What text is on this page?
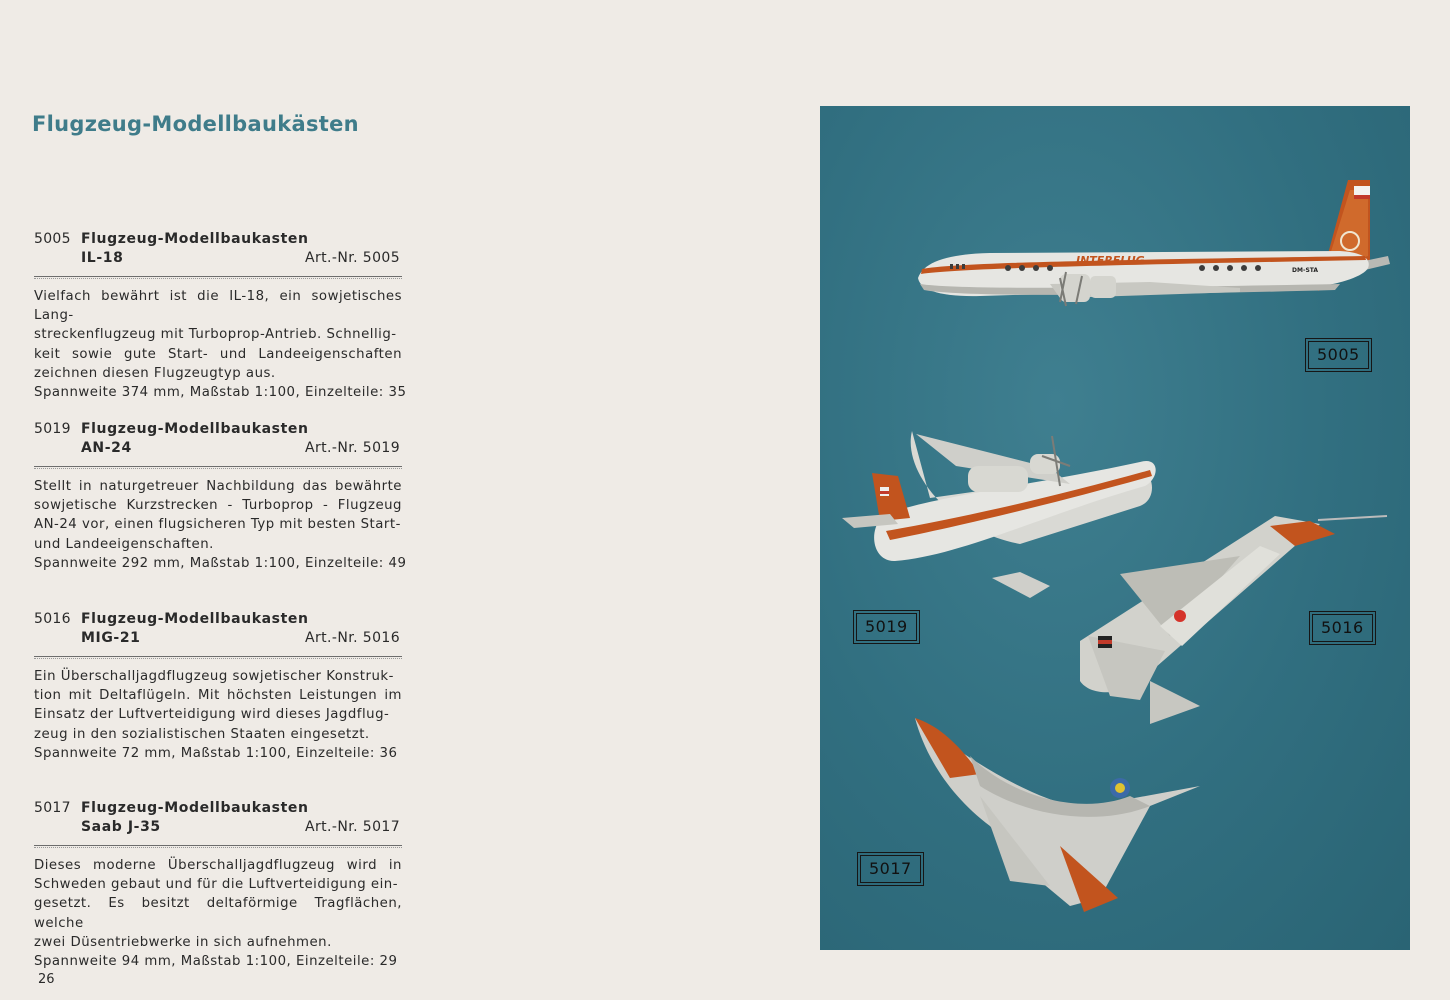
Flugzeug-Modellbaukästen
5005 Flugzeug-Modellbaukasten
IL-18	Art.-Nr. 5005
Vielfach bewährt ist die IL-18, ein sowjetisches Lang-
streckenflugzeug mit Turboprop-Antrieb. Schnellig-
keit sowie gute Start- und Landeeigenschaften
zeichnen diesen Flugzeugtyp aus.
Spannweite 374 mm, Maßstab 1:100, Einzelteile: 35
5019 Flugzeug-Modellbaukasten
AN-24	Art.-Nr. 5019
Stellt in naturgetreuer Nachbildung das bewährte
sowjetische Kurzstrecken - Turboprop - Flugzeug
AN-24 vor, einen flugsicheren Typ mit besten Start-
und Landeeigenschaften.
Spannweite 292 mm, Maßstab 1:100, Einzelteile: 49
5016 Flugzeug-Modellbaukasten
MIG-21	Art.-Nr. 5016
Ein Überschalljagdflugzeug sowjetischer Konstruk-
tion mit Deltaflügeln. Mit höchsten Leistungen im
Einsatz der Luftverteidigung wird dieses Jagdflug-
zeug in den sozialistischen Staaten eingesetzt.
Spannweite 72 mm, Maßstab 1:100, Einzelteile: 36
5017 Flugzeug-Modellbaukasten
Saab J-35	Art.-Nr. 5017
Dieses moderne Überschalljagdflugzeug wird in
Schweden gebaut und für die Luftverteidigung ein-
gesetzt. Es besitzt deltaförmige Tragflächen, welche
zwei Düsentriebwerke in sich aufnehmen.
Spannweite 94 mm, Maßstab 1:100, Einzelteile: 29
26
INTERFLUG
DM-STA
5005
5019	5016
5017
